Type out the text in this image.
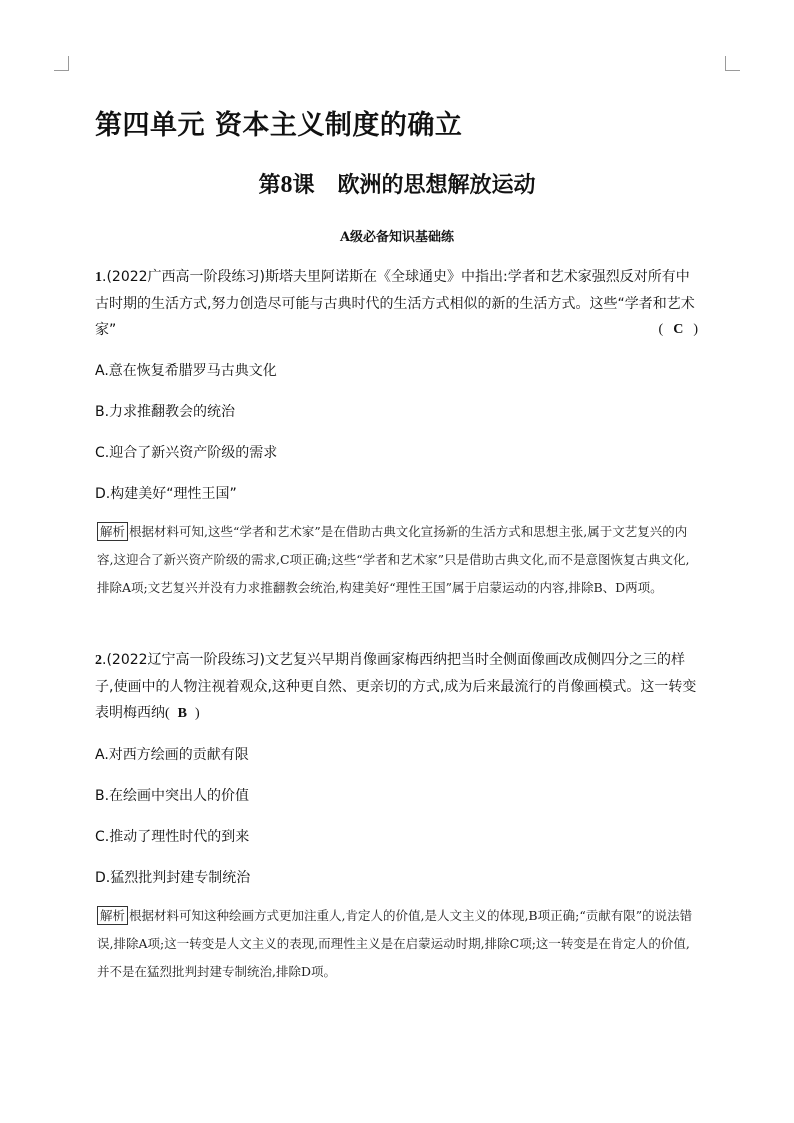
第四单元 资本主义制度的确立
第8课 欧洲的思想解放运动
A级必备知识基础练
1.(2022广西高一阶段练习)斯塔夫里阿诺斯在《全球通史》中指出:学者和艺术家强烈反对所有中古时期的生活方式,努力创造尽可能与古典时代的生活方式相似的新的生活方式。这些“学者和艺术家”	( C )
A.意在恢复希腊罗马古典文化
B.力求推翻教会的统治
C.迎合了新兴资产阶级的需求
D.构建美好“理性王国”
解析 根据材料可知,这些“学者和艺术家”是在借助古典文化宣扬新的生活方式和思想主张,属于文艺复兴的内容,这迎合了新兴资产阶级的需求,C项正确;这些“学者和艺术家”只是借助古典文化,而不是意图恢复古典文化,排除A项;文艺复兴并没有力求推翻教会统治,构建美好“理性王国”属于启蒙运动的内容,排除B、D两项。
2.(2022辽宁高一阶段练习)文艺复兴早期肖像画家梅西纳把当时全侧面像画改成侧四分之三的样子,使画中的人物注视着观众,这种更自然、更亲切的方式,成为后来最流行的肖像画模式。这一转变表明梅西纳( B )
A.对西方绘画的贡献有限
B.在绘画中突出人的价值
C.推动了理性时代的到来
D.猛烈批判封建专制统治
解析 根据材料可知这种绘画方式更加注重人,肯定人的价值,是人文主义的体现,B项正确;“贡献有限”的说法错误,排除A项;这一转变是人文主义的表现,而理性主义是在启蒙运动时期,排除C项;这一转变是在肯定人的价值,并不是在猛烈批判封建专制统治,排除D项。
